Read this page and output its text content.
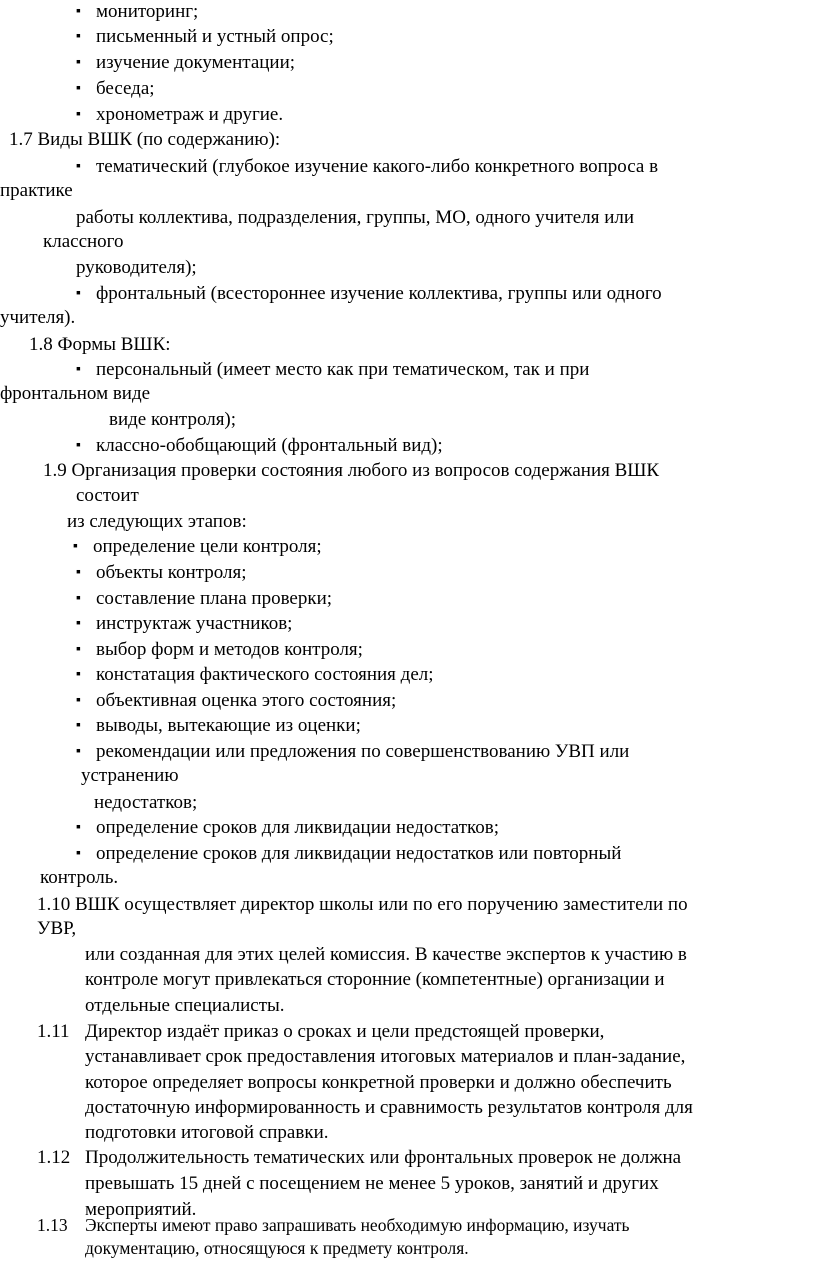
▪ мониторинг;
▪ письменный и устный опрос;
▪ изучение документации;
▪ беседа;
▪ хронометраж и другие.
1.7 Виды ВШК (по содержанию):
▪ тематический (глубокое изучение какого-либо конкретного вопроса в
практике
работы коллектива, подразделения, группы, МО, одного учителя или
классного
руководителя);
▪ фронтальный (всестороннее изучение коллектива, группы или одного
учителя).
1.8 Формы ВШК:
▪ персональный (имеет место как при тематическом, так и при
фронтальном виде
виде контроля);
▪ классно-обобщающий (фронтальный вид);
1.9 Организация проверки состояния любого из вопросов содержания ВШК
состоит
из следующих этапов:
▪ определение цели контроля;
▪ объекты контроля;
▪ составление плана проверки;
▪ инструктаж участников;
▪ выбор форм и методов контроля;
▪ констатация фактического состояния дел;
▪ объективная оценка этого состояния;
▪ выводы, вытекающие из оценки;
▪ рекомендации или предложения по совершенствованию УВП или
устранению
недостатков;
▪ определение сроков для ликвидации недостатков;
▪ определение сроков для ликвидации недостатков или повторный
контроль.
1.10 ВШК осуществляет директор школы или по его поручению заместители по
УВР,
или созданная для этих целей комиссия. В качестве экспертов к участию в
контроле могут привлекаться сторонние (компетентные) организации и
отдельные специалисты.
1.11 Директор издаёт приказ о сроках и цели предстоящей проверки,
устанавливает срок предоставления итоговых материалов и план-задание,
которое определяет вопросы конкретной проверки и должно обеспечить
достаточную информированность и сравнимость результатов контроля для
подготовки итоговой справки.
1.12 Продолжительность тематических или фронтальных проверок не должна
превышать 15 дней с посещением не менее 5 уроков, занятий и других
мероприятий.
1.13 Эксперты имеют право запрашивать необходимую информацию, изучать
документацию, относящуюся к предмету контроля.
